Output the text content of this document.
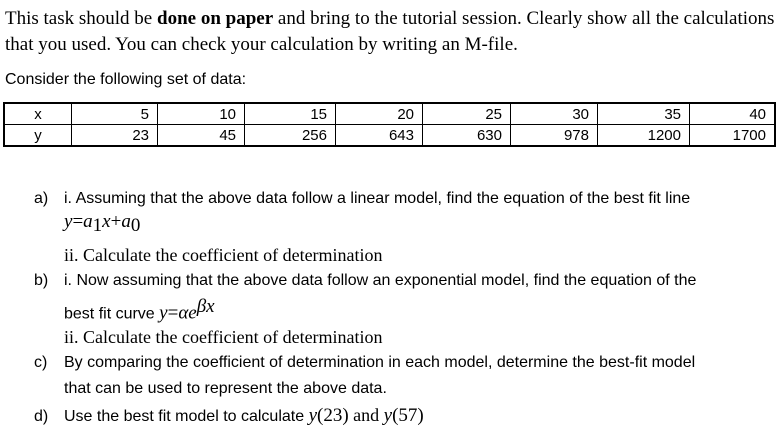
This task should be done on paper and bring to the tutorial session. Clearly show all the calculations that you used. You can check your calculation by writing an M-file.
Consider the following set of data:
x	5	10	15	20	25	30	35	40
y	23	45	256	643	630	978	1200	1700
a) i. Assuming that the above data follow a linear model, find the equation of the best fit line
$y=a_1x+a_0$
ii. Calculate the coefficient of determination
b) i. Now assuming that the above data follow an exponential model, find the equation of the
best fit curve $y=\alpha e^{\beta x}$
ii. Calculate the coefficient of determination
c) By comparing the coefficient of determination in each model, determine the best-fit model
that can be used to represent the above data.
d) Use the best fit model to calculate y(23) and y(57)
